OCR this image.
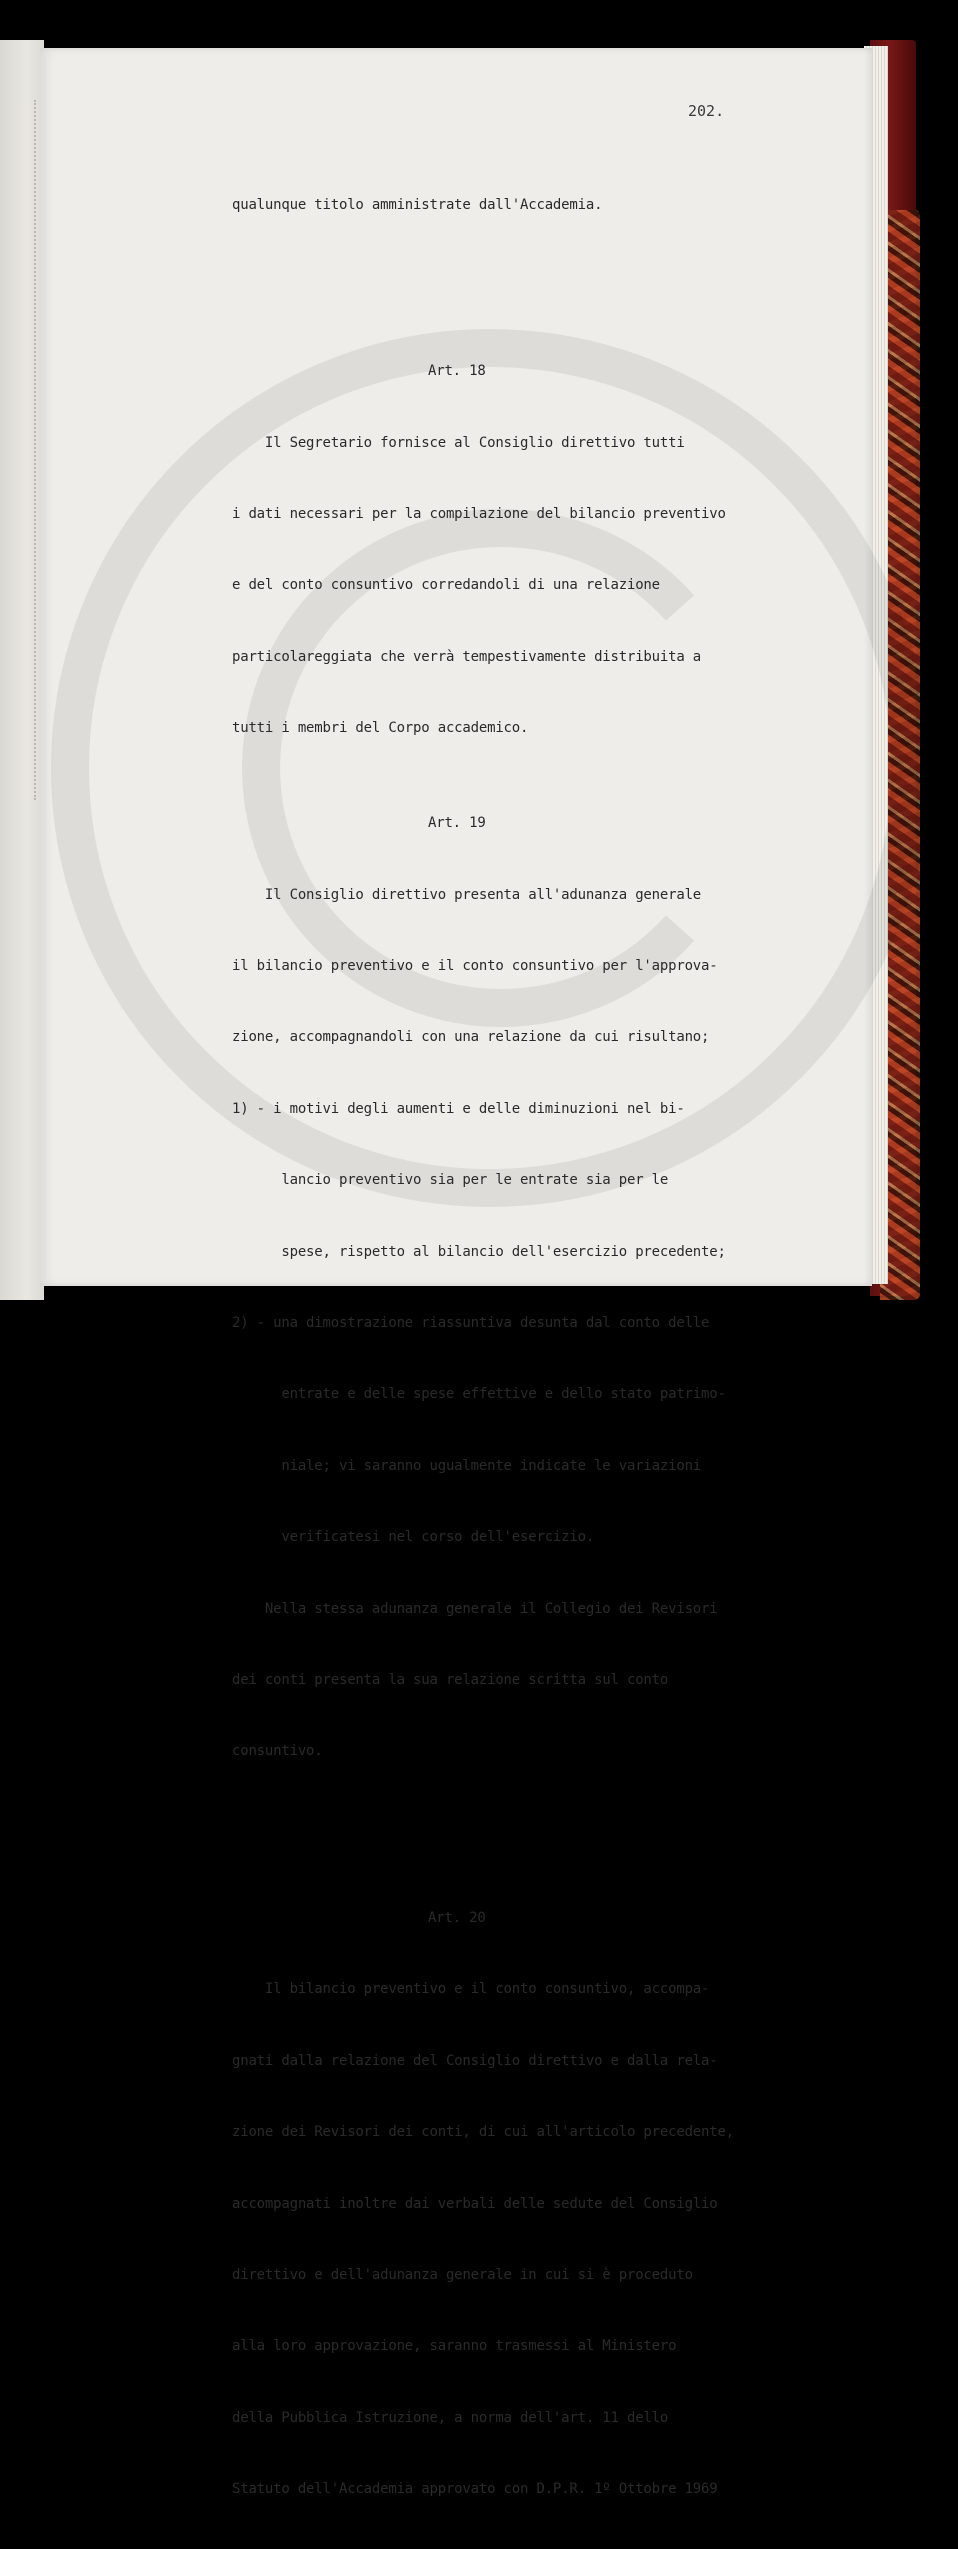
202.

qualunque titolo amministrate dall'Accademia.

Art. 18

Il Segretario fornisce al Consiglio direttivo tutti

i dati necessari per la compilazione del bilancio preventivo

e del conto consuntivo corredandoli di una relazione

particolareggiata che verrà tempestivamente distribuita a

tutti i membri del Corpo accademico.

Art. 19

Il Consiglio direttivo presenta all'adunanza generale

il bilancio preventivo e il conto consuntivo per l'approva-

zione, accompagnandoli con una relazione da cui risultano;

1) - i motivi degli aumenti e delle diminuzioni nel bi-

lancio preventivo sia per le entrate sia per le

spese, rispetto al bilancio dell'esercizio precedente;

2) - una dimostrazione riassuntiva desunta dal conto delle

entrate e delle spese effettive e dello stato patrimo-

niale; vi saranno ugualmente indicate le variazioni

verificatesi nel corso dell'esercizio.

Nella stessa adunanza generale il Collegio dei Revisori

dei conti presenta la sua relazione scritta sul conto

consuntivo.

Art. 20

Il bilancio preventivo e il conto consuntivo, accompa-

gnati dalla relazione del Consiglio direttivo e dalla rela-

zione dei Revisori dei conti, di cui all'articolo precedente,

accompagnati inoltre dai verbali delle sedute del Consiglio

direttivo e dell'adunanza generale in cui si è proceduto

alla loro approvazione, saranno trasmessi al Ministero

della Pubblica Istruzione, a norma dell'art. 11 dello

Statuto dell'Accademia approvato con D.P.R. 1º Ottobre 1969
